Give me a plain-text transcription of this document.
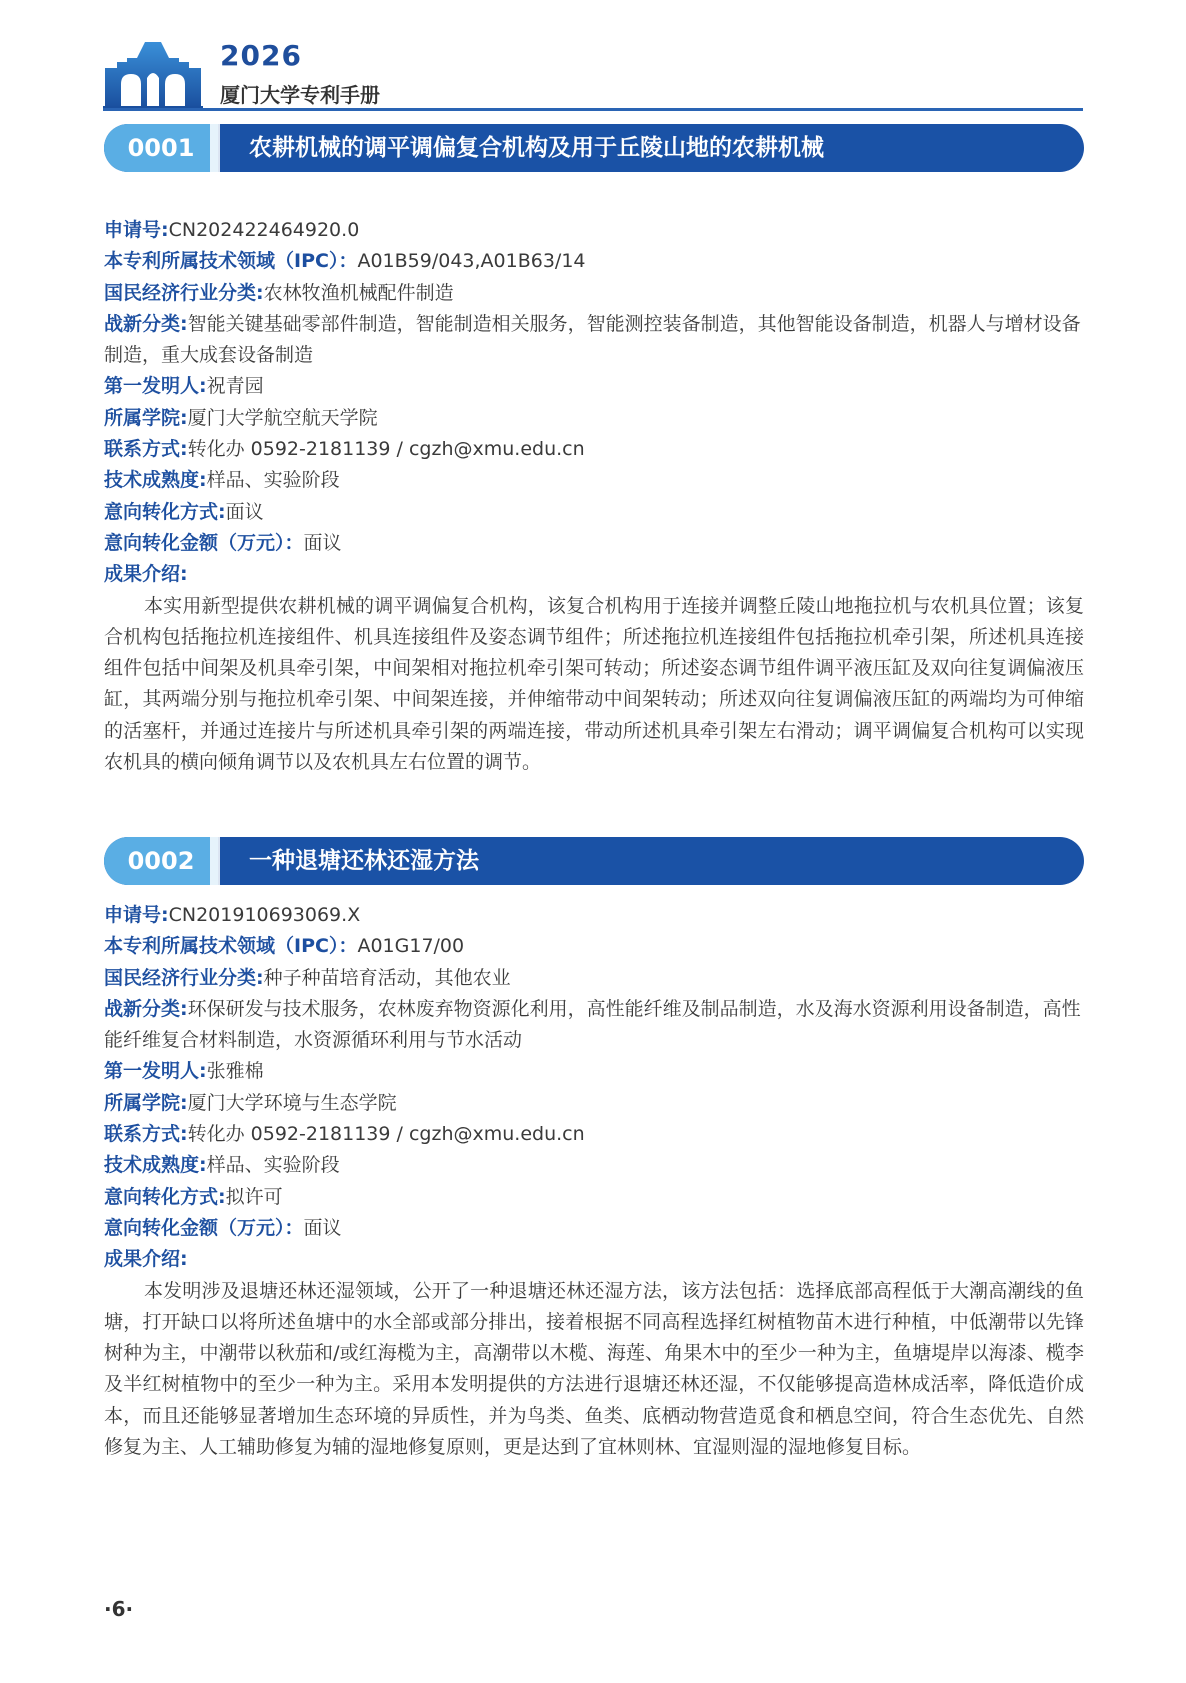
2026
厦门大学专利手册
0001	农耕机械的调平调偏复合机构及用于丘陵山地的农耕机械
申请号:CN202422464920.0
本专利所属技术领域（IPC）：A01B59/043,A01B63/14
国民经济行业分类:农林牧渔机械配件制造
战新分类:智能关键基础零部件制造，智能制造相关服务，智能测控装备制造，其他智能设备制造，机器人与增材设备制造，重大成套设备制造
第一发明人:祝青园
所属学院:厦门大学航空航天学院
联系方式:转化办 0592-2181139 / cgzh@xmu.edu.cn
技术成熟度:样品、实验阶段
意向转化方式:面议
意向转化金额（万元）：面议
成果介绍:

本实用新型提供农耕机械的调平调偏复合机构，该复合机构用于连接并调整丘陵山地拖拉机与农机具位置；该复合机构包括拖拉机连接组件、机具连接组件及姿态调节组件；所述拖拉机连接组件包括拖拉机牵引架，所述机具连接组件包括中间架及机具牵引架，中间架相对拖拉机牵引架可转动；所述姿态调节组件调平液压缸及双向往复调偏液压缸，其两端分别与拖拉机牵引架、中间架连接，并伸缩带动中间架转动；所述双向往复调偏液压缸的两端均为可伸缩的活塞杆，并通过连接片与所述机具牵引架的两端连接，带动所述机具牵引架左右滑动；调平调偏复合机构可以实现农机具的横向倾角调节以及农机具左右位置的调节。

0002	一种退塘还林还湿方法
申请号:CN201910693069.X
本专利所属技术领域（IPC）：A01G17/00
国民经济行业分类:种子种苗培育活动，其他农业
战新分类:环保研发与技术服务，农林废弃物资源化利用，高性能纤维及制品制造，水及海水资源利用设备制造，高性能纤维复合材料制造，水资源循环利用与节水活动
第一发明人:张雅棉
所属学院:厦门大学环境与生态学院
联系方式:转化办 0592-2181139 / cgzh@xmu.edu.cn
技术成熟度:样品、实验阶段
意向转化方式:拟许可
意向转化金额（万元）：面议
成果介绍:

本发明涉及退塘还林还湿领域，公开了一种退塘还林还湿方法，该方法包括：选择底部高程低于大潮高潮线的鱼塘，打开缺口以将所述鱼塘中的水全部或部分排出，接着根据不同高程选择红树植物苗木进行种植，中低潮带以先锋树种为主，中潮带以秋茄和/或红海榄为主，高潮带以木榄、海莲、角果木中的至少一种为主，鱼塘堤岸以海漆、榄李及半红树植物中的至少一种为主。采用本发明提供的方法进行退塘还林还湿，不仅能够提高造林成活率，降低造价成本，而且还能够显著增加生态环境的异质性，并为鸟类、鱼类、底栖动物营造觅食和栖息空间，符合生态优先、自然修复为主、人工辅助修复为辅的湿地修复原则，更是达到了宜林则林、宜湿则湿的湿地修复目标。

·6·
